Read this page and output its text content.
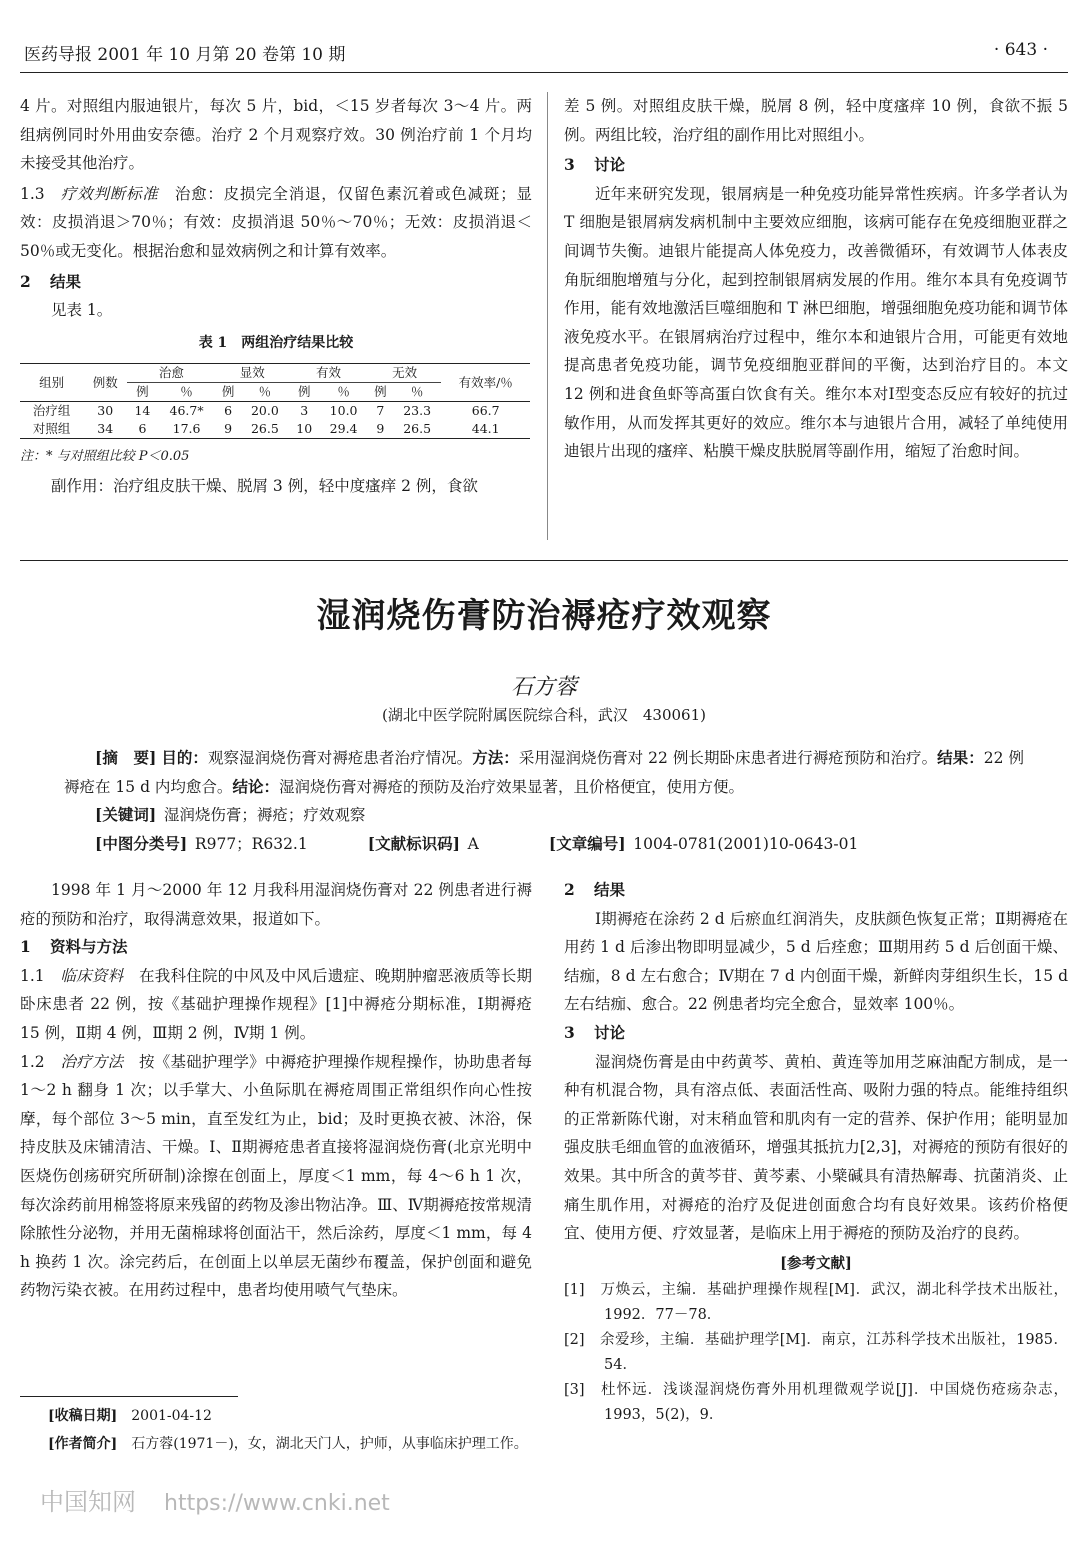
医药导报 2001 年 10 月第 20 卷第 10 期	· 643 ·

4 片。对照组内服迪银片，每次 5 片，bid，＜15 岁者每次 3～4 片。两组病例同时外用曲安奈德。治疗 2 个月观察疗效。30 例治疗前 1 个月均未接受其他治疗。

1.3  疗效判断标准  治愈：皮损完全消退，仅留色素沉着或色减斑；显效：皮损消退＞70％；有效：皮损消退 50％～70％；无效：皮损消退＜50％或无变化。根据治愈和显效病例之和计算有效率。

2 结果

见表 1。

表 1　两组治疗结果比较
组别	例数	治愈		显效		有效		无效		有效率/％
		例	％	例	％	例	％	例	％	
治疗组	30	14	46.7*	6	20.0	3	10.0	7	23.3	66.7
对照组	34	6	17.6	9	26.5	10	29.4	9	26.5	44.1
注：* 与对照组比较 P＜0.05

副作用：治疗组皮肤干燥、脱屑 3 例，轻中度瘙痒 2 例，食欲

差 5 例。对照组皮肤干燥，脱屑 8 例，轻中度瘙痒 10 例，食欲不振 5 例。两组比较，治疗组的副作用比对照组小。

3 讨论

近年来研究发现，银屑病是一种免疫功能异常性疾病。许多学者认为 T 细胞是银屑病发病机制中主要效应细胞，该病可能存在免疫细胞亚群之间调节失衡。迪银片能提高人体免疫力，改善微循环，有效调节人体表皮角朊细胞增殖与分化，起到控制银屑病发展的作用。维尔本具有免疫调节作用，能有效地激活巨噬细胞和 T 淋巴细胞，增强细胞免疫功能和调节体液免疫水平。在银屑病治疗过程中，维尔本和迪银片合用，可能更有效地提高患者免疫功能，调节免疫细胞亚群间的平衡，达到治疗目的。本文 12 例和进食鱼虾等高蛋白饮食有关。维尔本对Ⅰ型变态反应有较好的抗过敏作用，从而发挥其更好的效应。维尔本与迪银片合用，减轻了单纯使用迪银片出现的瘙痒、粘膜干燥皮肤脱屑等副作用，缩短了治愈时间。

湿润烧伤膏防治褥疮疗效观察
石方蓉
(湖北中医学院附属医院综合科，武汉　430061)

[摘　要] 目的：观察湿润烧伤膏对褥疮患者治疗情况。方法：采用湿润烧伤膏对 22 例长期卧床患者进行褥疮预防和治疗。结果：22 例褥疮在 15 d 内均愈合。结论：湿润烧伤膏对褥疮的预防及治疗效果显著，且价格便宜，使用方便。

[关键词]  湿润烧伤膏；褥疮；疗效观察

[中图分类号]  R977；R632.1	[文献标识码]  A	[文章编号]  1004-0781(2001)10-0643-01

1998 年 1 月～2000 年 12 月我科用湿润烧伤膏对 22 例患者进行褥疮的预防和治疗，取得满意效果，报道如下。

1 资料与方法

1.1  临床资料  在我科住院的中风及中风后遗症、晚期肿瘤恶液质等长期卧床患者 22 例，按《基础护理操作规程》[1]中褥疮分期标准，Ⅰ期褥疮 15 例，Ⅱ期 4 例，Ⅲ期 2 例，Ⅳ期 1 例。

1.2  治疗方法  按《基础护理学》中褥疮护理操作规程操作，协助患者每 1～2 h 翻身 1 次；以手掌大、小鱼际肌在褥疮周围正常组织作向心性按摩，每个部位 3～5 min，直至发红为止，bid；及时更换衣被、沐浴，保持皮肤及床铺清洁、干燥。Ⅰ、Ⅱ期褥疮患者直接将湿润烧伤膏(北京光明中医烧伤创疡研究所研制)涂擦在创面上，厚度＜1 mm，每 4～6 h 1 次，每次涂药前用棉签将原来残留的药物及渗出物沾净。Ⅲ、Ⅳ期褥疮按常规清除脓性分泌物，并用无菌棉球将创面沾干，然后涂药，厚度＜1 mm，每 4 h 换药 1 次。涂完药后，在创面上以单层无菌纱布覆盖，保护创面和避免药物污染衣被。在用药过程中，患者均使用喷气气垫床。

[收稿日期]  2001-04-12
[作者简介]  石方蓉(1971－)，女，湖北天门人，护师，从事临床护理工作。

2 结果

Ⅰ期褥疮在涂药 2 d 后瘀血红润消失，皮肤颜色恢复正常；Ⅱ期褥疮在用药 1 d 后渗出物即明显减少，5 d 后痊愈；Ⅲ期用药 5 d 后创面干燥、结痂，8 d 左右愈合；Ⅳ期在 7 d 内创面干燥，新鲜肉芽组织生长，15 d 左右结痂、愈合。22 例患者均完全愈合，显效率 100％。

3 讨论

湿润烧伤膏是由中药黄芩、黄柏、黄连等加用芝麻油配方制成，是一种有机混合物，具有溶点低、表面活性高、吸附力强的特点。能维持组织的正常新陈代谢，对末稍血管和肌肉有一定的营养、保护作用；能明显加强皮肤毛细血管的血液循环，增强其抵抗力[2,3]，对褥疮的预防有很好的效果。其中所含的黄芩苷、黄芩素、小檗碱具有清热解毒、抗菌消炎、止痛生肌作用，对褥疮的治疗及促进创面愈合均有良好效果。该药价格便宜、使用方便、疗效显著，是临床上用于褥疮的预防及治疗的良药。

[参考文献]

[1]　万焕云，主编．基础护理操作规程[M]．武汉，湖北科学技术出版社，1992．77－78．

[2]　余爱珍，主编．基础护理学[M]．南京，江苏科学技术出版社，1985．54．

[3]　杜怀远．浅谈湿润烧伤膏外用机理微观学说[J]．中国烧伤疮疡杂志，1993，5(2)，9．

中国知网 https://www.cnki.net
